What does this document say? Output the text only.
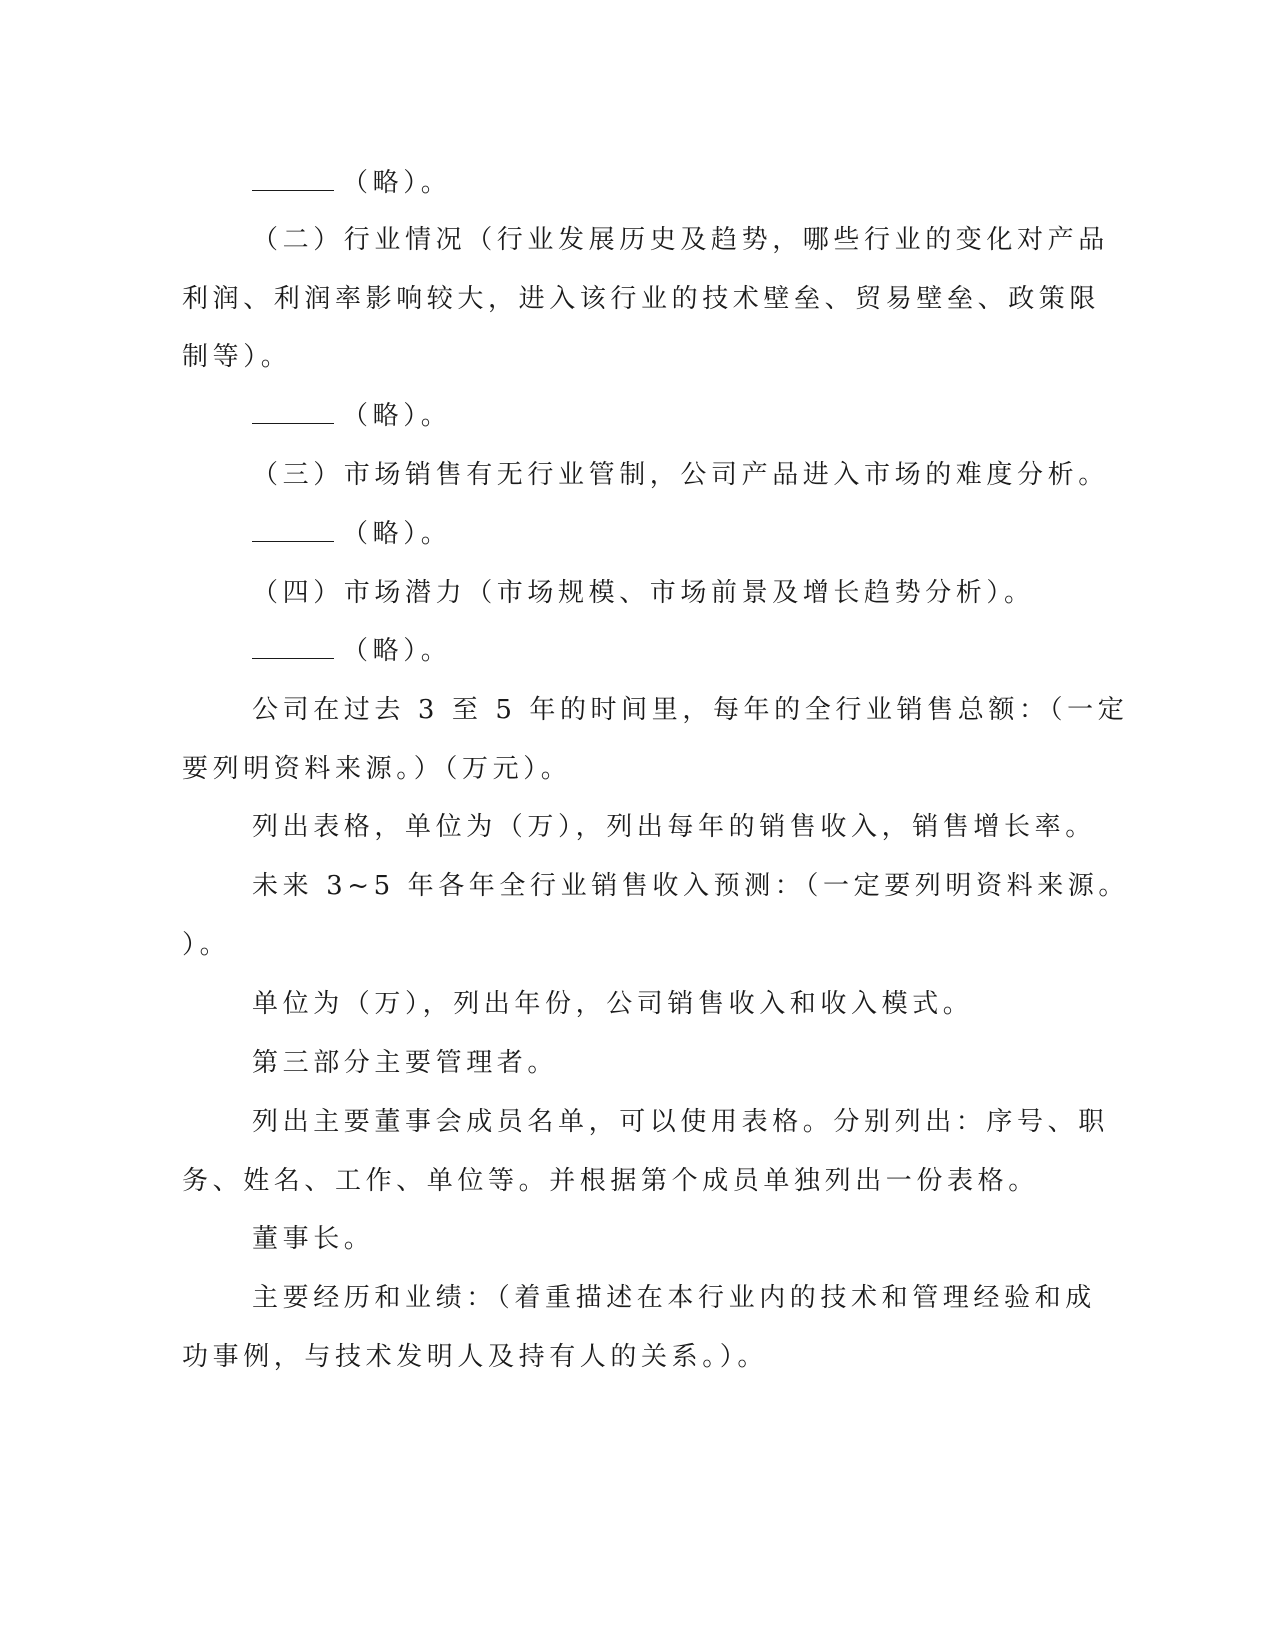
（略）。
（二）行业情况（行业发展历史及趋势，哪些行业的变化对产品
利润、利润率影响较大，进入该行业的技术壁垒、贸易壁垒、政策限
制等）。
（略）。
（三）市场销售有无行业管制，公司产品进入市场的难度分析。
（略）。
（四）市场潜力（市场规模、市场前景及增长趋势分析）。
（略）。
公司在过去 3 至 5 年的时间里，每年的全行业销售总额：（一定
要列明资料来源。）（万元）。
列出表格，单位为（万），列出每年的销售收入，销售增长率。
未来 3~5 年各年全行业销售收入预测：（一定要列明资料来源。
）。
单位为（万），列出年份，公司销售收入和收入模式。
第三部分主要管理者。
列出主要董事会成员名单，可以使用表格。分别列出：序号、职
务、姓名、工作、单位等。并根据第个成员单独列出一份表格。
董事长。
主要经历和业绩：（着重描述在本行业内的技术和管理经验和成
功事例，与技术发明人及持有人的关系。）。
